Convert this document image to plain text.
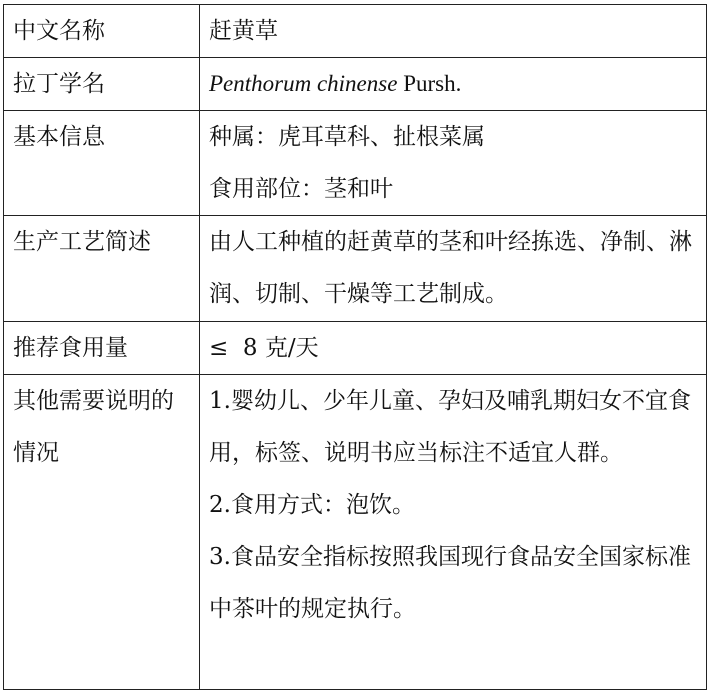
中文名称	赶黄草
拉丁学名	Penthorum chinense Pursh.
基本信息	种属：虎耳草科、扯根菜属
食用部位：茎和叶

生产工艺简述	由人工种植的赶黄草的茎和叶经拣选、净制、淋润、切制、干燥等工艺制成。
推荐食用量	≤  8 克/天
其他需要说明的情况	1.婴幼儿、少年儿童、孕妇及哺乳期妇女不宜食用，标签、说明书应当标注不适宜人群。
2.食用方式：泡饮。
3.食品安全指标按照我国现行食品安全国家标准中茶叶的规定执行。
